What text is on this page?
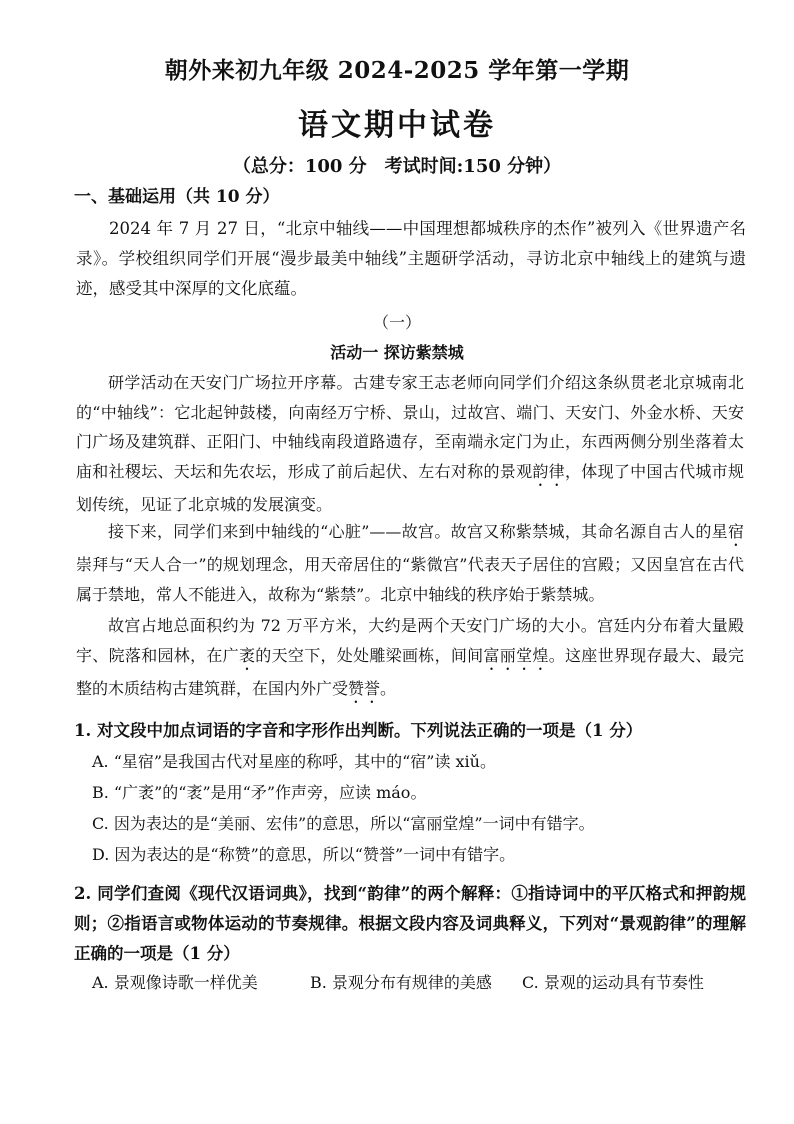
朝外来初九年级 2024-2025 学年第一学期
语文期中试卷
（总分：100 分　考试时间:150 分钟）
一、基础运用（共 10 分）
2024 年 7 月 27 日，“北京中轴线——中国理想都城秩序的杰作”被列入《世界遗产名录》。学校组织同学们开展“漫步最美中轴线”主题研学活动，寻访北京中轴线上的建筑与遗迹，感受其中深厚的文化底蕴。
（一）
活动一 探访紫禁城
研学活动在天安门广场拉开序幕。古建专家王志老师向同学们介绍这条纵贯老北京城南北的“中轴线”：它北起钟鼓楼，向南经万宁桥、景山，过故宫、端门、天安门、外金水桥、天安门广场及建筑群、正阳门、中轴线南段道路遗存，至南端永定门为止，东西两侧分别坐落着太庙和社稷坛、天坛和先农坛，形成了前后起伏、左右对称的景观韵律，体现了中国古代城市规划传统，见证了北京城的发展演变。
接下来，同学们来到中轴线的“心脏”——故宫。故宫又称紫禁城，其命名源自古人的星宿崇拜与“天人合一”的规划理念，用天帝居住的“紫微宫”代表天子居住的宫殿；又因皇宫在古代属于禁地，常人不能进入，故称为“紫禁”。北京中轴线的秩序始于紫禁城。
故宫占地总面积约为 72 万平方米，大约是两个天安门广场的大小。宫廷内分布着大量殿宇、院落和园林，在广袤的天空下，处处雕梁画栋，间间富丽堂煌。这座世界现存最大、最完整的木质结构古建筑群，在国内外广受赞誉。
1. 对文段中加点词语的字音和字形作出判断。下列说法正确的一项是（1 分）
A. “星宿”是我国古代对星座的称呼，其中的“宿”读 xiǔ。
B. “广袤”的“袤”是用“矛”作声旁，应读 máo。
C. 因为表达的是“美丽、宏伟”的意思，所以“富丽堂煌”一词中有错字。
D. 因为表达的是“称赞”的意思，所以“赞誉”一词中有错字。
2. 同学们查阅《现代汉语词典》，找到“韵律”的两个解释：①指诗词中的平仄格式和押韵规则；②指语言或物体运动的节奏规律。根据文段内容及词典释义，下列对“景观韵律”的理解正确的一项是（1 分）
A. 景观像诗歌一样优美	B. 景观分布有规律的美感 C. 景观的运动具有节奏性
